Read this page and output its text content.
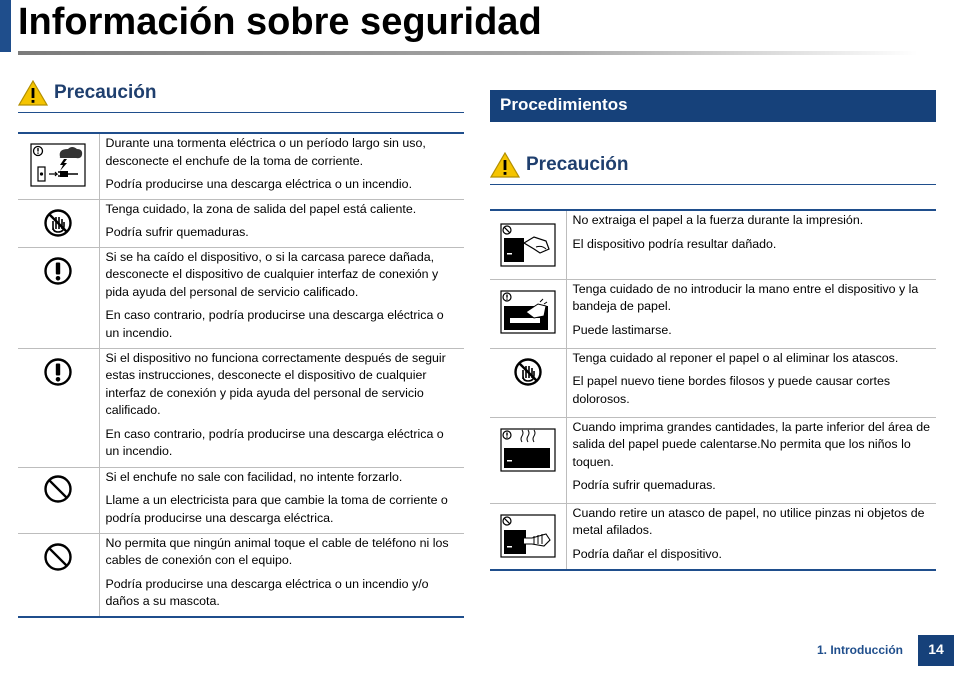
Información sobre seguridad
Precaución

Durante una tormenta eléctrica o un período largo sin uso, desconecte el enchufe de la toma de corriente.

Podría producirse una descarga eléctrica o un incendio.

Tenga cuidado, la zona de salida del papel está caliente.

Podría sufrir quemaduras.

Si se ha caído el dispositivo, o si la carcasa parece dañada, desconecte el dispositivo de cualquier interfaz de conexión y pida ayuda del personal de servicio calificado.

En caso contrario, podría producirse una descarga eléctrica o un incendio.

Si el dispositivo no funciona correctamente después de seguir estas instrucciones, desconecte el dispositivo de cualquier interfaz de conexión y pida ayuda del personal de servicio calificado.

En caso contrario, podría producirse una descarga eléctrica o un incendio.

Si el enchufe no sale con facilidad, no intente forzarlo.

Llame a un electricista para que cambie la toma de corriente o podría producirse una descarga eléctrica.

No permita que ningún animal toque el cable de teléfono ni los cables de conexión con el equipo.

Podría producirse una descarga eléctrica o un incendio y/o daños a su mascota.

Procedimientos
Precaución

No extraiga el papel a la fuerza durante la impresión.

El dispositivo podría resultar dañado.

Tenga cuidado de no introducir la mano entre el dispositivo y la bandeja de papel.

Puede lastimarse.

Tenga cuidado al reponer el papel o al eliminar los atascos.

El papel nuevo tiene bordes filosos y puede causar cortes dolorosos.

Cuando imprima grandes cantidades, la parte inferior del área de salida del papel puede calentarse.No permita que los niños lo toquen.

Podría sufrir quemaduras.

Cuando retire un atasco de papel, no utilice pinzas ni objetos de metal afilados.

Podría dañar el dispositivo.

1. Introducción	14
